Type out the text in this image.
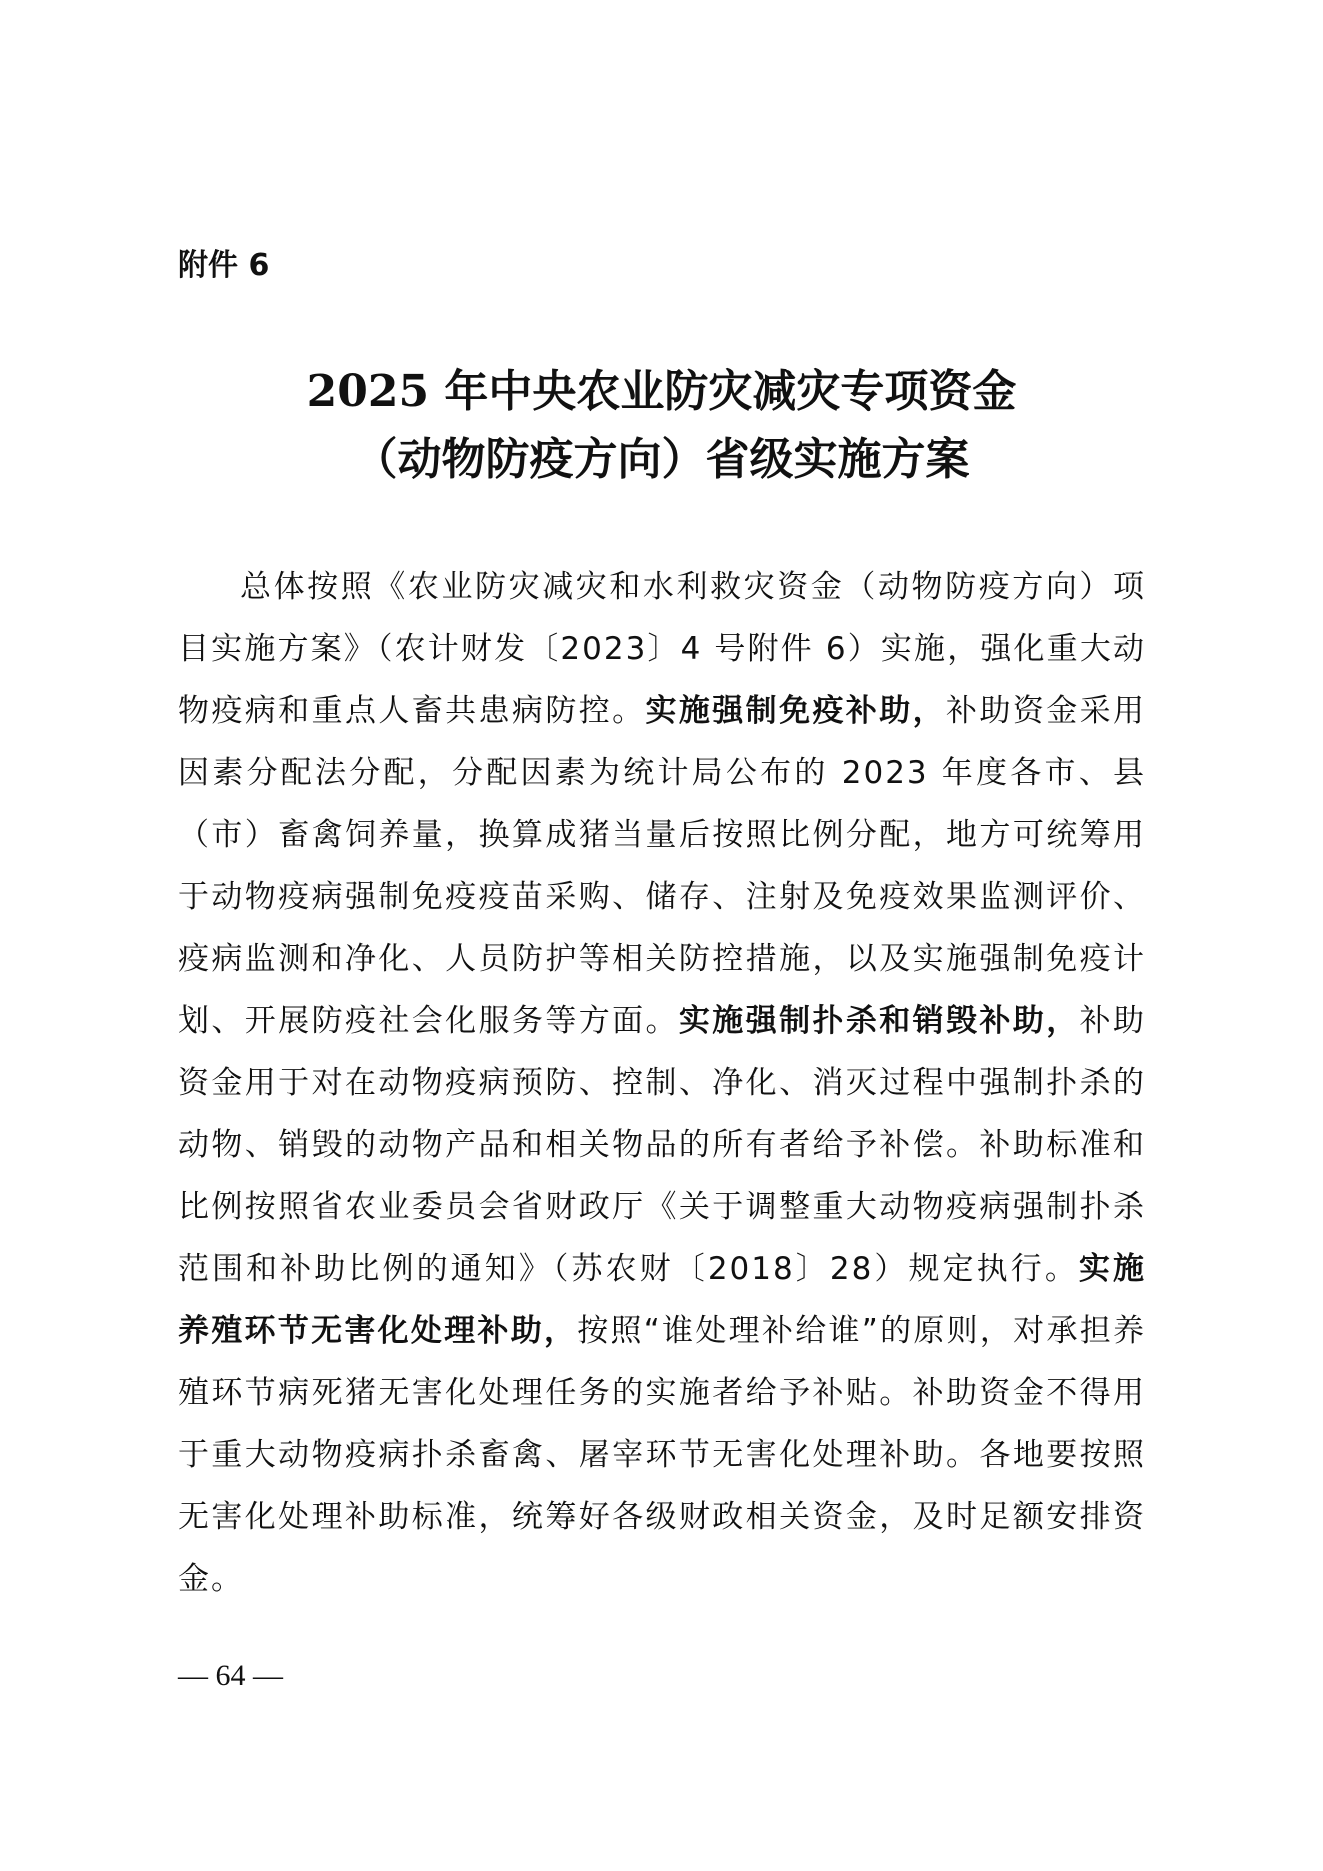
附件 6

2025 年中央农业防灾减灾专项资金
（动物防疫方向）省级实施方案

总体按照《农业防灾减灾和水利救灾资金（动物防疫方向）项目实施方案》（农计财发〔2023〕4 号附件 6）实施，强化重大动物疫病和重点人畜共患病防控。实施强制免疫补助，补助资金采用因素分配法分配，分配因素为统计局公布的 2023 年度各市、县（市）畜禽饲养量，换算成猪当量后按照比例分配，地方可统筹用于动物疫病强制免疫疫苗采购、储存、注射及免疫效果监测评价、疫病监测和净化、人员防护等相关防控措施，以及实施强制免疫计划、开展防疫社会化服务等方面。实施强制扑杀和销毁补助，补助资金用于对在动物疫病预防、控制、净化、消灭过程中强制扑杀的动物、销毁的动物产品和相关物品的所有者给予补偿。补助标准和比例按照省农业委员会省财政厅《关于调整重大动物疫病强制扑杀范围和补助比例的通知》（苏农财〔2018〕28）规定执行。实施养殖环节无害化处理补助，按照“谁处理补给谁”的原则，对承担养殖环节病死猪无害化处理任务的实施者给予补贴。补助资金不得用于重大动物疫病扑杀畜禽、屠宰环节无害化处理补助。各地要按照无害化处理补助标准，统筹好各级财政相关资金，及时足额安排资金。

— 64 —
